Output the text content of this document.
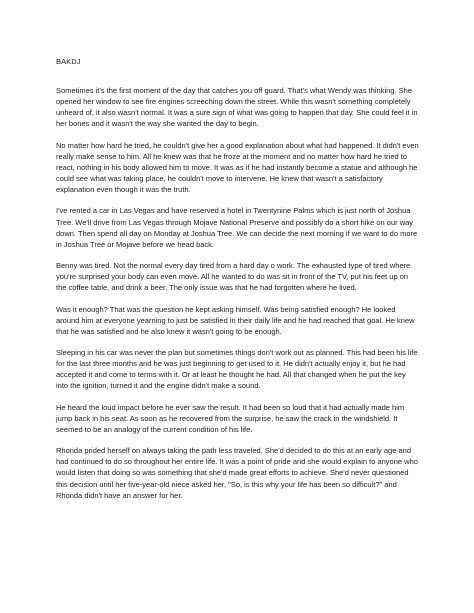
BAKDJ

Sometimes it's the first moment of the day that catches you off guard. That's what Wendy was thinking. She opened her window to see fire engines screeching down the street. While this wasn't something completely unheard of, it also wasn't normal. It was a sure sign of what was going to happen that day. She could feel it in her bones and it wasn't the way she wanted the day to begin.

No matter how hard he tried, he couldn't give her a good explanation about what had happened. It didn't even really make sense to him. All he knew was that he froze at the moment and no matter how hard he tried to react, nothing in his body allowed him to move. It was as if he had instantly become a statue and although he could see what was taking place, he couldn't move to intervene. He knew that wasn't a satisfactory explanation even though it was the truth.

I've rented a car in Las Vegas and have reserved a hotel in Twentynine Palms which is just north of Joshua Tree. We'll drive from Las Vegas through Mojave National Preserve and possibly do a short hike on our way down. Then spend all day on Monday at Joshua Tree. We can decide the next morning if we want to do more in Joshua Tree or Mojave before we head back.

Benny was tired. Not the normal every day tired from a hard day o work. The exhausted type of tired where you're surprised your body can even move. All he wanted to do was sit in front of the TV, put his feet up on the coffee table, and drink a beer. The only issue was that he had forgotten where he lived.

Was it enough? That was the question he kept asking himself. Was being satisfied enough? He looked around him at everyone yearning to just be satisfied in their daily life and he had reached that goal. He knew that he was satisfied and he also knew it wasn't going to be enough.

Sleeping in his car was never the plan but sometimes things don't work out as planned. This had been his life for the last three months and he was just beginning to get used to it. He didn't actually enjoy it, but he had accepted it and come to terms with it. Or at least he thought he had. All that changed when he put the key into the ignition, turned it and the engine didn't make a sound.

He heard the loud impact before he ever saw the result. It had been so loud that it had actually made him jump back in his seat. As soon as he recovered from the surprise, he saw the crack in the windshield. It seemed to be an analogy of the current condition of his life.

Rhonda prided herself on always taking the path less traveled. She'd decided to do this at an early age and had continued to do so throughout her entire life. It was a point of pride and she would explain to anyone who would listen that doing so was something that she'd made great efforts to achieve. She'd never questioned this decision until her five-year-old niece asked her, "So, is this why your life has been so difficult?" and Rhonda didn't have an answer for her.
